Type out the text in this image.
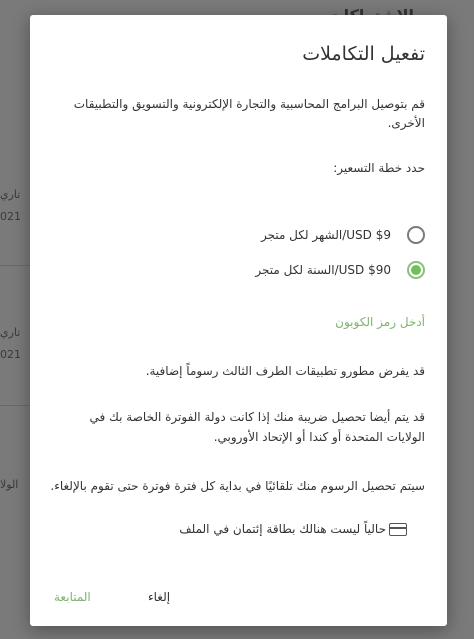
تاري
021
تاري
021
الولا
تفعيل التكاملات
قم بتوصيل البرامج المحاسبية والتجارة الإلكترونية والتسويق والتطبيقات الأخرى.
حدد خطة التسعير:
USD $9/الشهر لكل متجر
USD $90/السنة لكل متجر
أدخل رمز الكوبون
قد يفرض مطورو تطبيقات الطرف الثالث رسوماً إضافية.
قد يتم أيضا تحصيل ضريبة منك إذا كانت دولة الفوترة الخاصة بك في الولايات المتحدة أو كندا أو الإتحاد الأوروبي.
سيتم تحصيل الرسوم منك تلقائيًا في بداية كل فترة فوترة حتى تقوم بالإلغاء.
حالياً ليست هنالك بطاقة إئتمان في الملف
إلغاء
المتابعة
